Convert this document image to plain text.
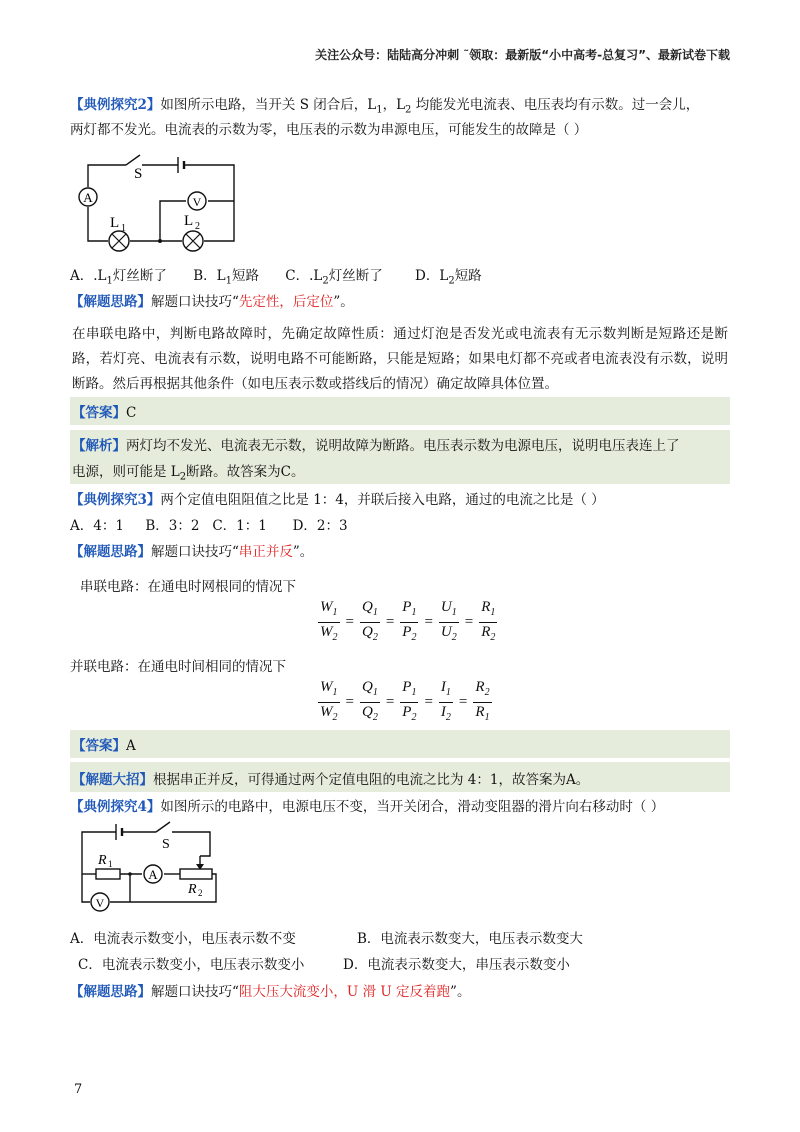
关注公众号：陆陆高分冲刺 ˜领取：最新版“小中高考-总复习”、最新试卷下载
【典例探究2】如图所示电路，当开关 S 闭合后，$L_1$，$L_2$ 均能发光电流表、电压表均有示数。过一会儿，
两灯都不发光。电流表的示数为零，电压表的示数为串源电压，可能发生的故障是（ ）
A	V
S
L 1	L 2
A．$.L_1$灯丝断了 B．$L_1$短路 C．$.L_2$灯丝断了 D．$L_2$短路
【解题思路】解题口诀技巧“先定性，后定位”。
在串联电路中，判断电路故障时，先确定故障性质：通过灯泡是否发光或电流表有无示数判断是短路还是断路，若灯亮、电流表有示数，说明电路不可能断路，只能是短路；如果电灯都不亮或者电流表没有示数，说明断路。然后再根据其他条件（如电压表示数或搭线后的情况）确定故障具体位置。
【答案】C
【解析】两灯均不发光、电流表无示数，说明故障为断路。电压表示数为电源电压，说明电压表连上了
电源，则可能是 $L_2$断路。故答案为C。
【典例探究3】两个定值电阻阻值之比是 1：4，并联后接入电路，通过的电流之比是（ ）
A．4：1     B．3：2   C．1：1      D．2：3
【解题思路】解题口诀技巧“串正并反”。
串联电路：在通电时网根同的情况下
$\frac{W_1}{W_2} = \frac{Q_1}{Q_2} = \frac{P_1}{P_2} = \frac{U_1}{U_2} = \frac{R_1}{R_2}$
并联电路：在通电时间相同的情况下
$\frac{W_1}{W_2} = \frac{Q_1}{Q_2} = \frac{P_1}{P_2} = \frac{I_1}{I_2} = \frac{R_2}{R_1}$
【答案】A
【解题大招】根据串正并反，可得通过两个定值电阻的电流之比为 4：1，故答案为A。
【典例探究4】如图所示的电路中，电源电压不变，当开关闭合，滑动变阻器的滑片向右移动时（ ）
A
V
S
R 1
R 2
A．电流表示数变小，电压表示数不变	B．电流表示数变大，电压表示数变大
C．电流表示数变小，电压表示数变小	D．电流表示数变大，串压表示数变小
【解题思路】解题口诀技巧“阻大压大流变小，U 滑 U 定反着跑”。
7
